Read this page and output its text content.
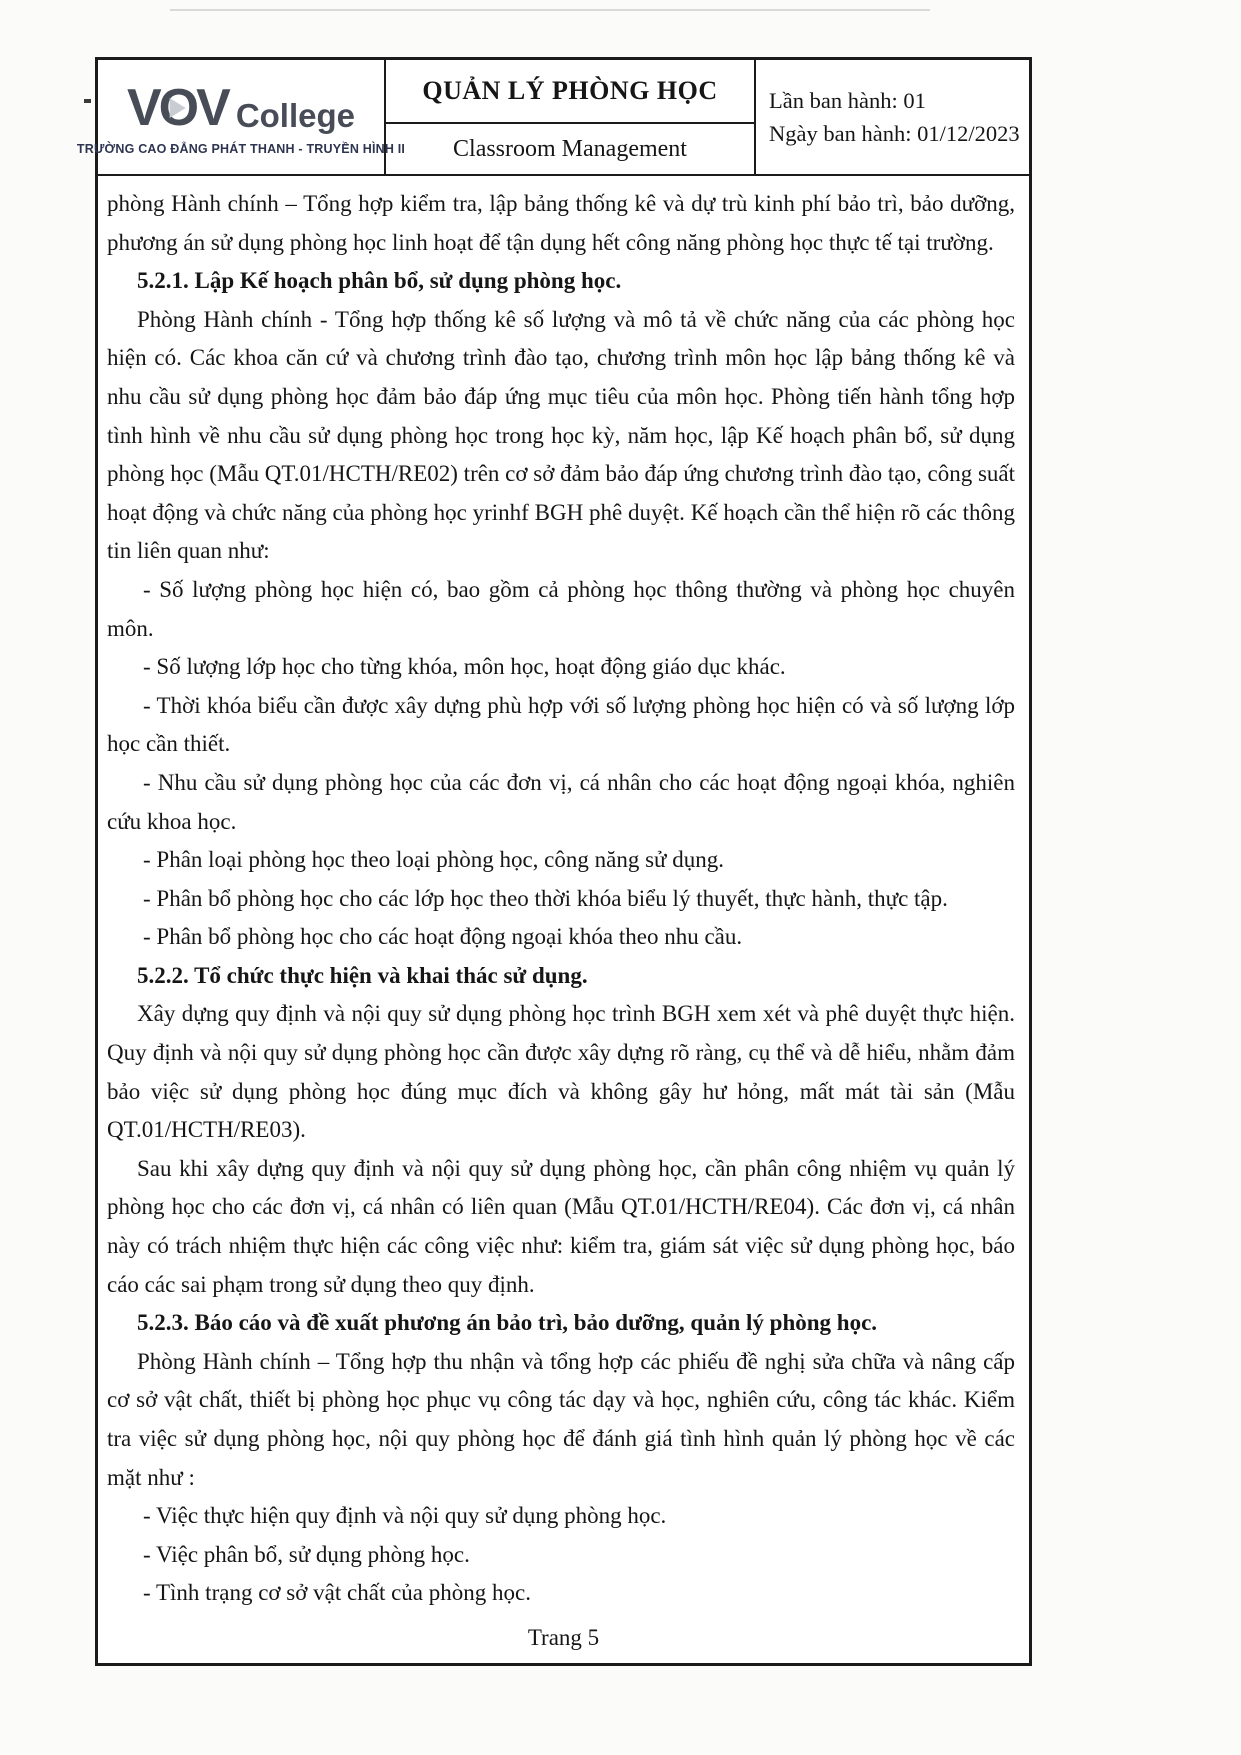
VOV College
TRƯỜNG CAO ĐẲNG PHÁT THANH - TRUYỀN HÌNH II
QUẢN LÝ PHÒNG HỌC
Classroom Management
Lần ban hành: 01
Ngày ban hành: 01/12/2023

phòng Hành chính – Tổng hợp kiểm tra, lập bảng thống kê và dự trù kinh phí bảo trì, bảo dưỡng, phương án sử dụng phòng học linh hoạt để tận dụng hết công năng phòng học thực tế tại trường.

5.2.1. Lập Kế hoạch phân bổ, sử dụng phòng học.

Phòng Hành chính - Tổng hợp thống kê số lượng và mô tả về chức năng của các phòng học hiện có. Các khoa căn cứ và chương trình đào tạo, chương trình môn học lập bảng thống kê và nhu cầu sử dụng phòng học đảm bảo đáp ứng mục tiêu của môn học. Phòng tiến hành tổng hợp tình hình về nhu cầu sử dụng phòng học trong học kỳ, năm học, lập Kế hoạch phân bổ, sử dụng phòng học (Mẫu QT.01/HCTH/RE02) trên cơ sở đảm bảo đáp ứng chương trình đào tạo, công suất hoạt động và chức năng của phòng học yrinhf BGH phê duyệt. Kế hoạch cần thể hiện rõ các thông tin liên quan như:

- Số lượng phòng học hiện có, bao gồm cả phòng học thông thường và phòng học chuyên môn.

- Số lượng lớp học cho từng khóa, môn học, hoạt động giáo dục khác.

- Thời khóa biểu cần được xây dựng phù hợp với số lượng phòng học hiện có và số lượng lớp học cần thiết.

- Nhu cầu sử dụng phòng học của các đơn vị, cá nhân cho các hoạt động ngoại khóa, nghiên cứu khoa học.

- Phân loại phòng học theo loại phòng học, công năng sử dụng.

- Phân bổ phòng học cho các lớp học theo thời khóa biểu lý thuyết, thực hành, thực tập.

- Phân bổ phòng học cho các hoạt động ngoại khóa theo nhu cầu.

5.2.2. Tổ chức thực hiện và khai thác sử dụng.

Xây dựng quy định và nội quy sử dụng phòng học trình BGH xem xét và phê duyệt thực hiện. Quy định và nội quy sử dụng phòng học cần được xây dựng rõ ràng, cụ thể và dễ hiểu, nhằm đảm bảo việc sử dụng phòng học đúng mục đích và không gây hư hỏng, mất mát tài sản (Mẫu QT.01/HCTH/RE03).

Sau khi xây dựng quy định và nội quy sử dụng phòng học, cần phân công nhiệm vụ quản lý phòng học cho các đơn vị, cá nhân có liên quan (Mẫu QT.01/HCTH/RE04). Các đơn vị, cá nhân này có trách nhiệm thực hiện các công việc như: kiểm tra, giám sát việc sử dụng phòng học, báo cáo các sai phạm trong sử dụng theo quy định.

5.2.3. Báo cáo và đề xuất phương án bảo trì, bảo dưỡng, quản lý phòng học.

Phòng Hành chính – Tổng hợp thu nhận và tổng hợp các phiếu đề nghị sửa chữa và nâng cấp cơ sở vật chất, thiết bị phòng học phục vụ công tác dạy và học, nghiên cứu, công tác khác. Kiểm tra việc sử dụng phòng học, nội quy phòng học để đánh giá tình hình quản lý phòng học về các mặt như :

- Việc thực hiện quy định và nội quy sử dụng phòng học.

- Việc phân bổ, sử dụng phòng học.

- Tình trạng cơ sở vật chất của phòng học.

Trang 5
